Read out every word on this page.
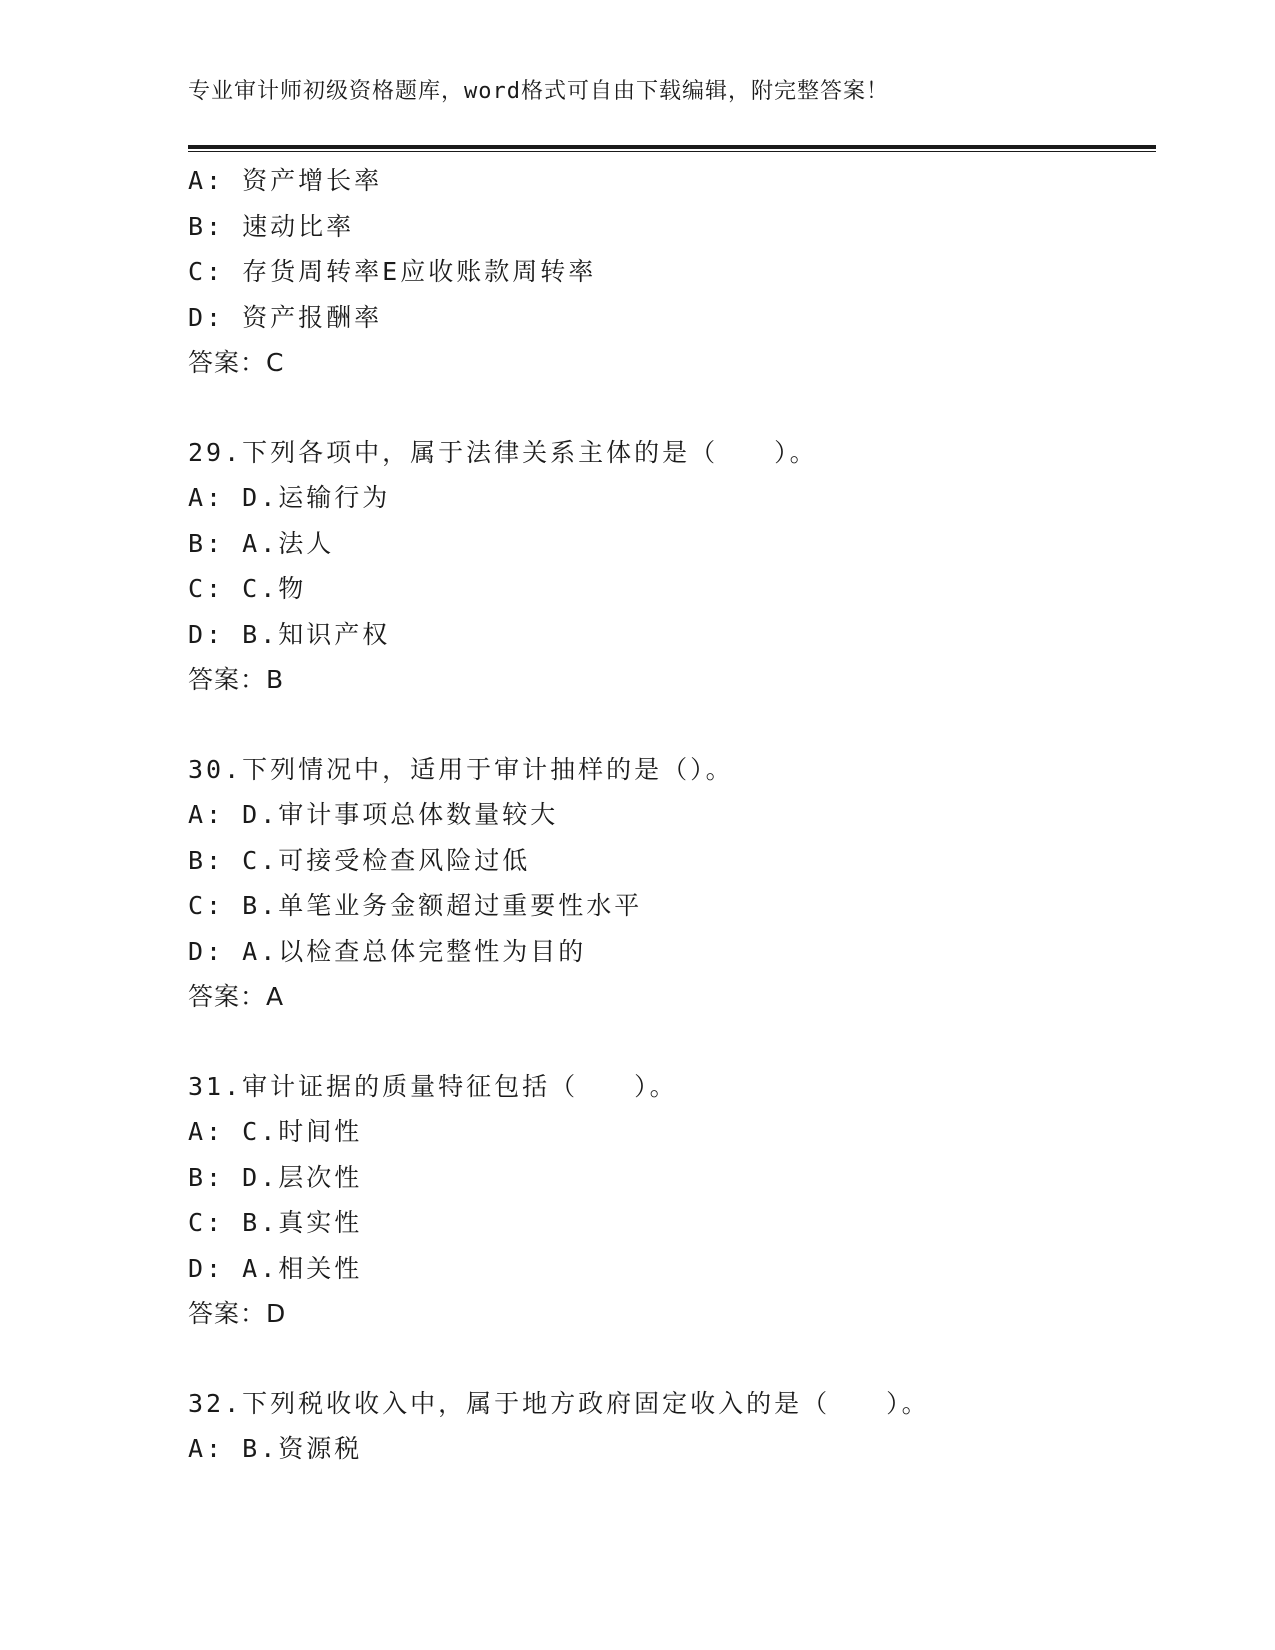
专业审计师初级资格题库，word格式可自由下载编辑，附完整答案！
A: 资产增长率
B: 速动比率
C: 存货周转率E应收账款周转率
D: 资产报酬率
答案：C
29.下列各项中，属于法律关系主体的是（　　）。
A: D.运输行为
B: A.法人
C: C.物
D: B.知识产权
答案：B
30.下列情况中，适用于审计抽样的是（）。
A: D.审计事项总体数量较大
B: C.可接受检查风险过低
C: B.单笔业务金额超过重要性水平
D: A.以检查总体完整性为目的
答案：A
31.审计证据的质量特征包括（　　）。
A: C.时间性
B: D.层次性
C: B.真实性
D: A.相关性
答案：D
32.下列税收收入中，属于地方政府固定收入的是（　　）。
A: B.资源税
